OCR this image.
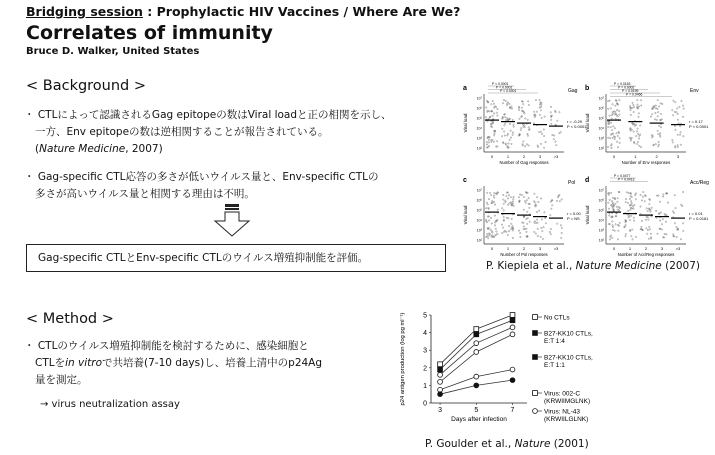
Bridging session : Prophylactic HIV Vaccines / Where Are We?
Correlates of immunity
Bruce D. Walker, United States
< Background >
・ CTLによって認識されるGag epitopeの数はViral loadと正の相関を示し、
一方、Env epitopeの数は逆相関することが報告されている。
(Nature Medicine, 2007)
・ Gag-specific CTL応答の多さが低いウイルス量と、Env-specific CTLの
多さが高いウイルス量と相関する理由は不明。
Gag-specific CTLとEnv-specific CTLのウイルス増殖抑制能を評価。
a	Gag
Viral load
10⁷
10⁶
10⁵
10⁴
10³
10²
0	1	2	3	>3
Number of Gag responses
r = -0.29
P < 0.0001
P < 0.0001
P = 0.0001
P < 0.0001	b	Env
Viral load
10⁷
10⁶
10⁵
10⁴
10³
10²
0	1	2	3
Number of Env responses
r = 0.17
P < 0.0001
P = 0.0163
P = 0.0002
P = 0.0199
P = 0.0466
c	Pol
Viral load
10⁷
10⁶
10⁵
10⁴
10³
10²
0	1	2	3	>3
Number of Pol responses
r = 0.00
P = NS
d	Acc/Reg
Viral load
10⁷
10⁶
10⁵
10⁴
10³
10²
0	1	2	3	>3
Number of Acc/Reg responses
r = 0.01
P = 0.0161
P = 0.0477
P = 0.0413
P. Kiepiela et al., Nature Medicine (2007)
< Method >
・ CTLのウイルス増殖抑制能を検討するために、感染細胞と
CTLをin vitroで共培養(7-10 days)し、培養上清中のp24Ag
量を測定。
→ virus neutralization assay	0
1
2
3
4
5
3	5	7
Days after infection
p24 antigen production (log pg ml⁻¹)	No CTLs
B27-KK10 CTLs,
E:T 1:4
B27-KK10 CTLs,
E:T 1:1
Virus: 002-C
(KRWIIMGLNK)
Virus: NL-43
(KRWIILGLNK)
P. Goulder et al., Nature (2001)
